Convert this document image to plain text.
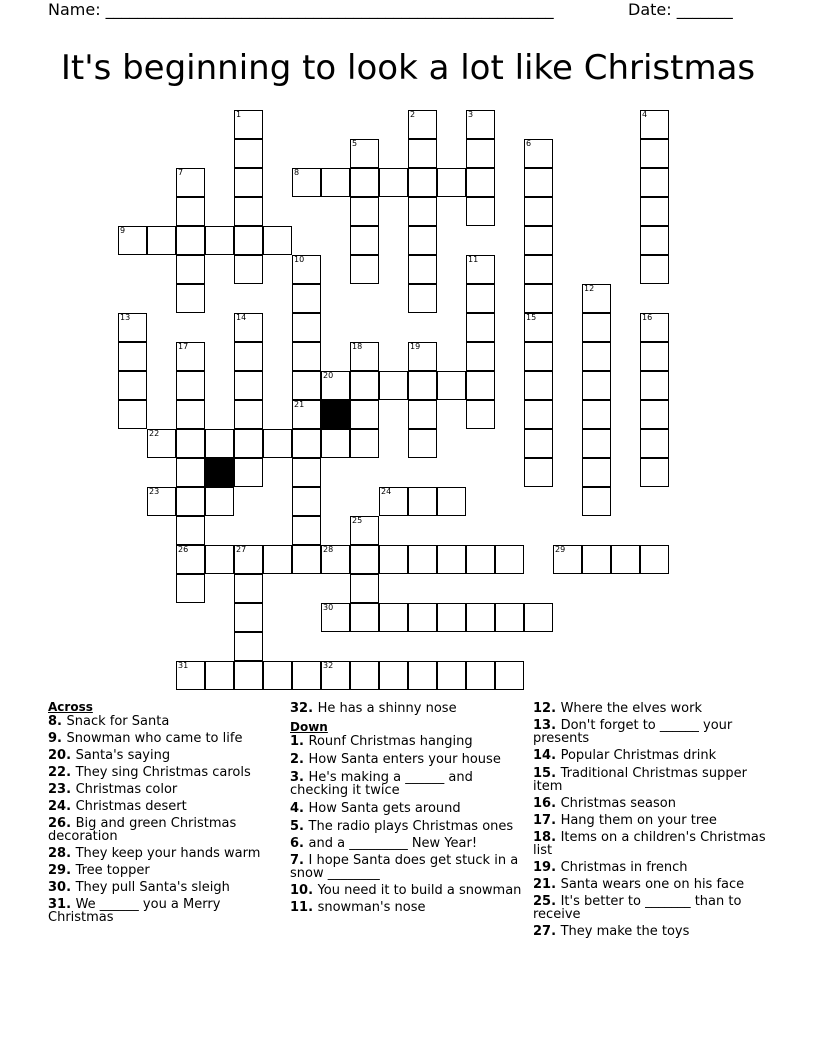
Name: ________________________________________________________	Date: _______
It's beginning to look a lot like Christmas
1	2	3	4
5	6
7
10
21
11
12
13	14	15	16
17
26
18	19
25
27
8
9
20
22
23	24
28	29
30
31	32
Across
8. Snack for Santa
9. Snowman who came to life
20. Santa's saying
22. They sing Christmas carols
23. Christmas color
24. Christmas desert
26. Big and green Christmas decoration
28. They keep your hands warm
29. Tree topper
30. They pull Santa's sleigh
31. We ______ you a Merry Christmas
32. He has a shinny nose
Down
1. Rounf Christmas hanging
2. How Santa enters your house
3. He's making a ______ and checking it twice
4. How Santa gets around
5. The radio plays Christmas ones
6. and a _________ New Year!
7. I hope Santa does get stuck in a snow ________
10. You need it to build a snowman
11. snowman's nose
12. Where the elves work
13. Don't forget to ______ your presents
14. Popular Christmas drink
15. Traditional Christmas supper item
16. Christmas season
17. Hang them on your tree
18. Items on a children's Christmas list
19. Christmas in french
21. Santa wears one on his face
25. It's better to _______ than to receive
27. They make the toys
